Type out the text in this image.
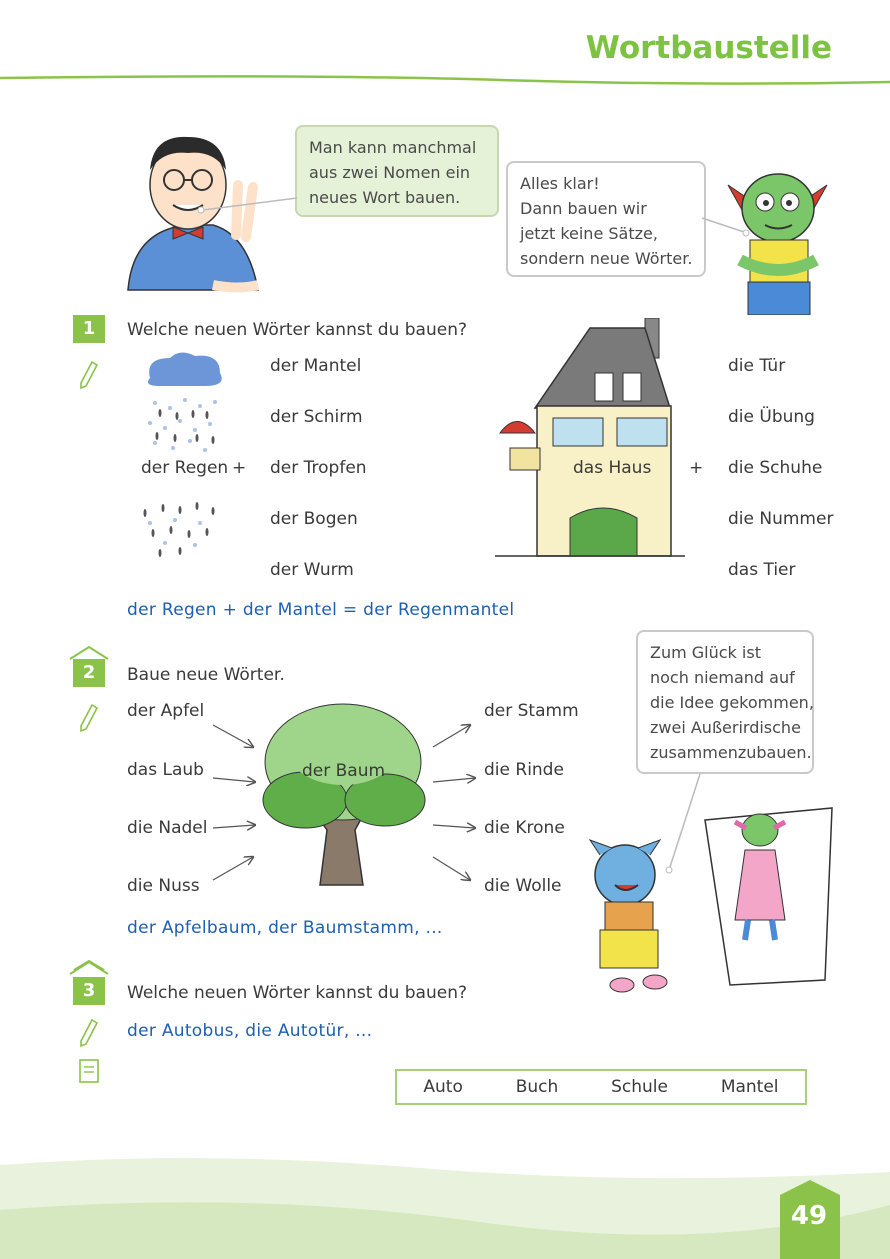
Wortbaustelle
Man kann manchmal
aus zwei Nomen ein
neues Wort bauen.
Alles klar!
Dann bauen wir
jetzt keine Sätze,
sondern neue Wörter.
1	Welche neuen Wörter kannst du bauen?
der Regen +
der Mantel
der Schirm
der Tropfen
der Bogen
der Wurm
das Haus +
die Tür
die Übung
die Schuhe
die Nummer
das Tier
der Regen + der Mantel = der Regenmantel
2	Baue neue Wörter.
der Baum
der Apfel
das Laub
die Nadel
die Nuss
der Stamm
die Rinde
die Krone
die Wolle
der Apfelbaum, der Baumstamm, ...
Zum Glück ist
noch niemand auf
die Idee gekommen,
zwei Außerirdische
zusammenzubauen.
3	Welche neuen Wörter kannst du bauen?
der Autobus, die Autotür, ...
Auto	Buch	Schule	Mantel
49
